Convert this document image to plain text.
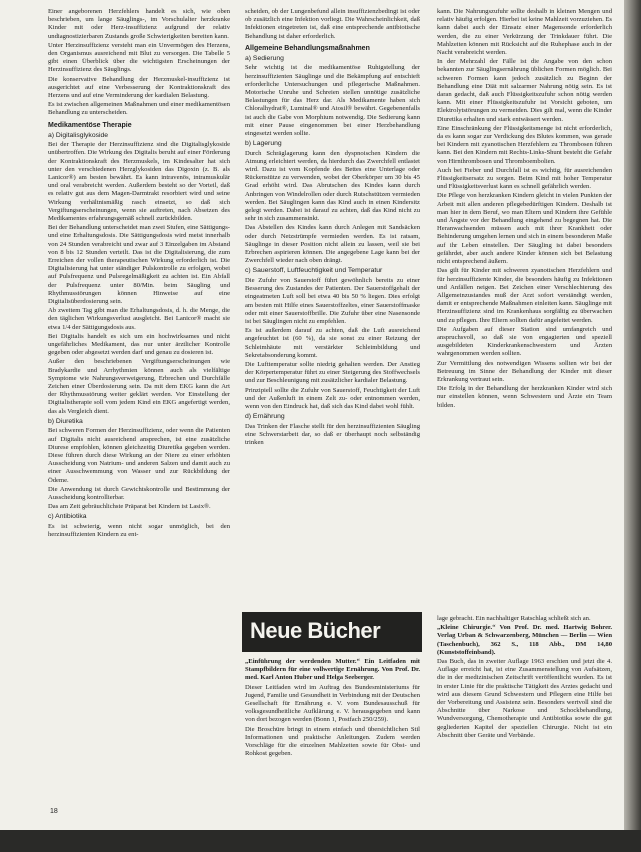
Einer angeborenen Herzfehlers handelt es sich, wie oben beschrieben, um lange Säuglings-, im Vorschulalter herzkranke Kinder mit oder Herz-insuffizienz aufgrund der relativ undiagnostizierbaren Zustands große Schwierigkeiten bereiten kann.

Unter Herzinsuffizienz versteht man ein Unvermögen des Herzens, den Organismus ausreichend mit Blut zu versorgen. Die Tabelle 5 gibt einen Überblick über die wichtigsten Erscheinungen der Herzinsuffizienz des Säuglings.

Die konservative Behandlung der Herzmuskel-insuffizienz ist ausgerichtet auf eine Verbesserung der Kontraktionskraft des Herzens und auf eine Verminderung der kardialen Belastung.

Es ist zwischen allgemeinen Maßnahmen und einer medikamentösen Behandlung zu unterscheiden.

Medikamentöse Therapie
a) Digitalisglykoside

Bei der Therapie der Herzinsuffizienz sind die Digitalisglykoside unübertroffen. Die Wirkung des Digitalis beruht auf einer Förderung der Kontraktionskraft des Herzmuskels, im Kindesalter hat sich unter den verschiedenen Herzglykosiden das Digoxin (z. B. als Lanicor®) am besten bewährt. Es kann intravenös, intramuskulär und oral verabreicht werden. Außerdem besteht so der Vorteil, daß es relativ gut aus dem Magen-Darmtrakt resorbiert wird und seine Wirkung verhältnismäßig rasch einsetzt, so daß sich Vergiftungserscheinungen, wenn sie auftreten, nach Absetzen des Medikamentes erfahrungsgemäß schnell zurückbilden.

Bei der Behandlung unterscheidet man zwei Stufen, eine Sättigungs- und eine Erhaltungsdosis. Die Sättigungsdosis wird meist innerhalb von 24 Stunden verabreicht und zwar auf 3 Einzelgaben im Abstand von 8 bis 12 Stunden verteilt. Das ist die Digitalisierung, die zum Erreichen der vollen therapeutischen Wirkung erforderlich ist. Die Digitalisierung hat unter ständiger Pulskontrolle zu erfolgen, wobei auf Pulsfrequenz und Pulsregelmäßigkeit zu achten ist. Ein Abfall der Pulsfrequenz unter 80/Min. beim Säugling und Rhythmusstörungen können Hinweise auf eine Digitalisüberdosierung sein.

Ab zweitem Tag gibt man die Erhaltungsdosis, d. h. die Menge, die den täglichen Wirkungsverlust ausgleicht. Bei Lanicor® macht sie etwa 1/4 der Sättigungsdosis aus.

Bei Digitalis handelt es sich um ein hochwirksames und nicht ungefährliches Medikament, das nur unter ärztlicher Kontrolle gegeben oder abgesetzt werden darf und genau zu dosieren ist.

Außer den beschriebenen Vergiftungserscheinungen wie Bradykardie und Arrhythmien können auch als vielfältige Symptome wie Nahrungsverweigerung, Erbrechen und Durchfälle Zeichen einer Überdosierung sein. Da mit dem EKG kann die Art der Rhythmusstörung weiter geklärt werden. Vor Einstellung der Digitalistherapie soll vom jedem Kind ein EKG angefertigt werden, das als Vergleich dient.

b) Diuretika

Bei schweren Formen der Herzinsuffizienz, oder wenn die Patienten auf Digitalis nicht ausreichend ansprechen, ist eine zusätzliche Diurese empfohlen, können gleichzeitig Diuretika gegeben werden. Diese führen durch diese Wirkung an der Niere zu einer erhöhten Ausscheidung von Natrium- und anderen Salzen und damit auch zu einer Ausschwemmung von Wasser und zur Rückbildung der Ödeme.

Die Anwendung ist durch Gewichtskontrolle und Bestimmung der Ausscheidung kontrollierbar.

Das am Zeit gebräuchlichste Präparat bei Kindern ist Lasix®.

c) Antibiotika

Es ist schwierig, wenn nicht sogar unmöglich, bei den herzinsuffizienten Kindern zu ent-

scheiden, ob der Lungenbefund allein insuffizienzbedingt ist oder ob zusätzlich eine Infektion vorliegt. Die Wahrscheinlichkeit, daß Infektionen eingetreten ist, daß eine entsprechende antibiotische Behandlung ist daher erforderlich.

Allgemeine Behandlungsmaßnahmen
a) Sedierung

Sehr wichtig ist die medikamentöse Ruhigstellung der herzinsuffizienten Säuglinge und die Bekämpfung auf entschieft erforderliche Untersuchungen und pflegerische Maßnahmen. Motorische Unruhe und Schreien stellen unnötige zusätzliche Belastungen für das Herz dar. Als Medikamente haben sich Chloralhydrat®, Luminal® und Atosil® bewährt. Gegebenenfalls ist auch die Gabe von Morphium notwendig. Die Sedierung kann mit einer Pause eingenommen bei einer Herzbehandlung eingesetzt werden sollte.

b) Lagerung

Durch Schräglagerung kann den dyspnoischen Kindern die Atmung erleichtert werden, da hierdurch das Zwerchfell entlastet wird. Dazu ist vom Kopfende des Bettes eine Unterlage oder Rückenstütze zu verwenden, wobei der Oberkörper um 30 bis 45 Grad erhöht wird. Das Abrutschen des Kindes kann durch Anbringen von Windelrollen oder durch Rutschstützen vermieden werden. Bei Säuglingen kann das Kind auch in einen Kindersitz gelegt werden. Dabei ist darauf zu achten, daß das Kind nicht zu sehr in sich zusammensinkt.

Das Abstellen des Kindes kann durch Anlegen mit Sandsäcken oder durch Netzstrümpfe vermieden werden. Es ist ratsam, Säuglinge in dieser Position nicht allein zu lassen, weil sie bei Erbrechen aspirieren können. Die angegebene Lage kann bei der Zwerchfell wieder nach oben drängt.

c) Sauerstoff, Luftfeuchtigkeit und Temperatur

Die Zufuhr von Sauerstoff führt gewöhnlich bereits zu einer Besserung des Zustandes der Patienten. Der Sauerstoffgehalt der eingeatmeten Luft soll bei etwa 40 bis 50 % liegen. Dies erfolgt am besten mit Hilfe eines Sauerstoffzeltes, einer Sauerstoffmaske oder mit einer Sauerstoffbrille. Die Zufuhr über eine Nasensonde ist bei Säuglingen nicht zu empfehlen.

Es ist außerdem darauf zu achten, daß die Luft ausreichend angefeuchtet ist (60 %), da sie sonst zu einer Reizung der Schleimhäute mit verstärkter Schleimbildung und Sekretabsonderung kommt.

Die Lufttemperatur sollte niedrig gehalten werden. Der Anstieg der Körpertemperatur führt zu einer Steigerung des Stoffwechsels und zur Beschleunigung mit zusätzlicher kardialer Belastung.

Prinzipiell sollte die Zufuhr von Sauerstoff, Feuchtigkeit der Luft und der Außenluft in einem Zelt zu- oder entnommen werden, wenn von den Eindruck hat, daß sich das Kind dabei wohl fühlt.

d) Ernährung

Das Trinken der Flasche stellt für den herzinsuffizienten Säugling eine Schwerstarbeit dar, so daß er überhaupt noch selbständig trinken

kann. Die Nahrungszufuhr sollte deshalb in kleinen Mengen und relativ häufig erfolgen. Hierbei ist keine Mahlzeit vorzuziehen. Es kann dabei auch der Einsatz einer Magensonde erforderlich werden, die zu einer Verkürzung der Trinkdauer führt. Die Mahlzeiten können mit Rücksicht auf die Ruhephase auch in der Nacht verabreicht werden.

In der Mehrzahl der Fälle ist die Angabe von den schon bekannten zur Säuglingsernährung üblichen Formen möglich. Bei schweren Formen kann jedoch zusätzlich zu Beginn der Behandlung eine Diät mit salzarmer Nahrung nötig sein. Es ist daran gedacht, daß auch Flüssigkeitszufuhr schon nötig werden kann. Mit einer Flüssigkeitszufuhr ist Vorsicht geboten, um Elektrolytstörungen zu vermeiden. Dies gilt mal, wenn die Kinder Diuretika erhalten und stark entwässert werden.

Eine Einschränkung der Flüssigkeitsmenge ist nicht erforderlich, da es kann sogar zur Verdickung des Blutes kommen, was gerade bei Kindern mit zyanotischen Herzfehlern zu Thrombosen führen kann. Bei den Kindern mit Rechts-Links-Shunt besteht die Gefahr von Hirnthrombosen und Thromboembolien.

Auch bei Fieber und Durchfall ist es wichtig, für ausreichenden Flüssigkeitsersatz zu sorgen. Beim Kind mit hoher Temperatur und Flüssigkeitsverlust kann es schnell gefährlich werden.

Die Pflege von herzkranken Kindern gleicht in vielen Punkten der Arbeit mit allen anderen pflegebedürftigen Kindern. Deshalb ist man hier in dem Beruf, wo man Eltern und Kindern ihre Gefühle und Ängste vor der Behandlung eingehend zu begegnen hat. Die Heranwachsenden müssen auch mit ihrer Krankheit oder Behinderung umgehen lernen und sich in einem besonderen Maße auf ihr Leben einstellen. Der Säugling ist dabei besonders gefährdet, aber auch andere Kinder können sich bei Belastung nicht entsprechend äußern.

Das gilt für Kinder mit schweren zyanotischen Herzfehlern und für herzinsuffiziente Kinder, die besonders häufig zu Infektionen und Anfällen neigen. Bei Zeichen einer Verschlechterung des Allgemeinzustandes muß der Arzt sofort verständigt werden, damit er entsprechende Maßnahmen einleiten kann. Säuglinge mit Herzinsuffizienz sind im Krankenhaus sorgfältig zu überwachen und zu pflegen. Ihre Eltern sollten dafür angeleitet werden.

Die Aufgaben auf dieser Station sind umfangreich und anspruchsvoll, so daß sie von engagierten und speziell ausgebildeten Kinderkrankenschwestern und Ärzten wahrgenommen werden sollten.

Zur Vermittlung des notwendigen Wissens sollten wir bei der Betreuung im Sinne der Behandlung der Kinder mit dieser Erkrankung vertraut sein.

Die Erfolg in der Behandlung der herzkranken Kinder wird sich nur einstellen können, wenn Schwestern und Ärzte ein Team bilden.

Neue Bücher

„Einführung der werdenden Mutter.“ Ein Leitfaden mit Stampfbildern für eine vollwertige Ernährung. Von Prof. Dr. med. Karl Anton Huber und Helga Seeberger.

Dieser Leitfaden wird im Auftrag des Bundesministeriums für Jugend, Familie und Gesundheit in Verbindung mit der Deutschen Gesellschaft für Ernährung e. V. vom Bundesausschuß für volksgesundheitliche Aufklärung e. V. herausgegeben und kann von dort bezogen werden (Bonn 1, Postfach 250/259).

Die Broschüre bringt in einem einfach und übersichtlichen Stil Informationen und praktische Anleitungen. Zudem werden Vorschläge für die einzelnen Mahlzeiten sowie für Obst- und Rohkost gegeben.

lage gebracht. Ein nachhaltiger Ratschlag schließt sich an.

„Kleine Chirurgie.“ Von Prof. Dr. med. Hartwig Bohrer. Verlag Urban & Schwarzenberg, München — Berlin — Wien (Taschenbuch), 362 S., 118 Abb., DM 14,80 (Kunststoffeinband).

Das Buch, das in zweiter Auflage 1963 erschien und jetzt die 4. Auflage erreicht hat, ist eine Zusammenstellung von Aufsätzen, die in der medizinischen Zeitschrift veröffentlicht wurden. Es ist in erster Linie für die praktische Tätigkeit des Arztes gedacht und wird aus diesem Grund Schwestern und Pflegern eine Hilfe bei der Vorbereitung und Assistenz sein. Besonders wertvoll sind die Abschnitte über Narkose und Schockbehandlung, Wundversorgung, Chemotherapie und Antibiotika sowie die gut gegliederten Kapitel der speziellen Chirurgie. Nicht ist ein Abschnitt über Geräte und Verbände.

18
